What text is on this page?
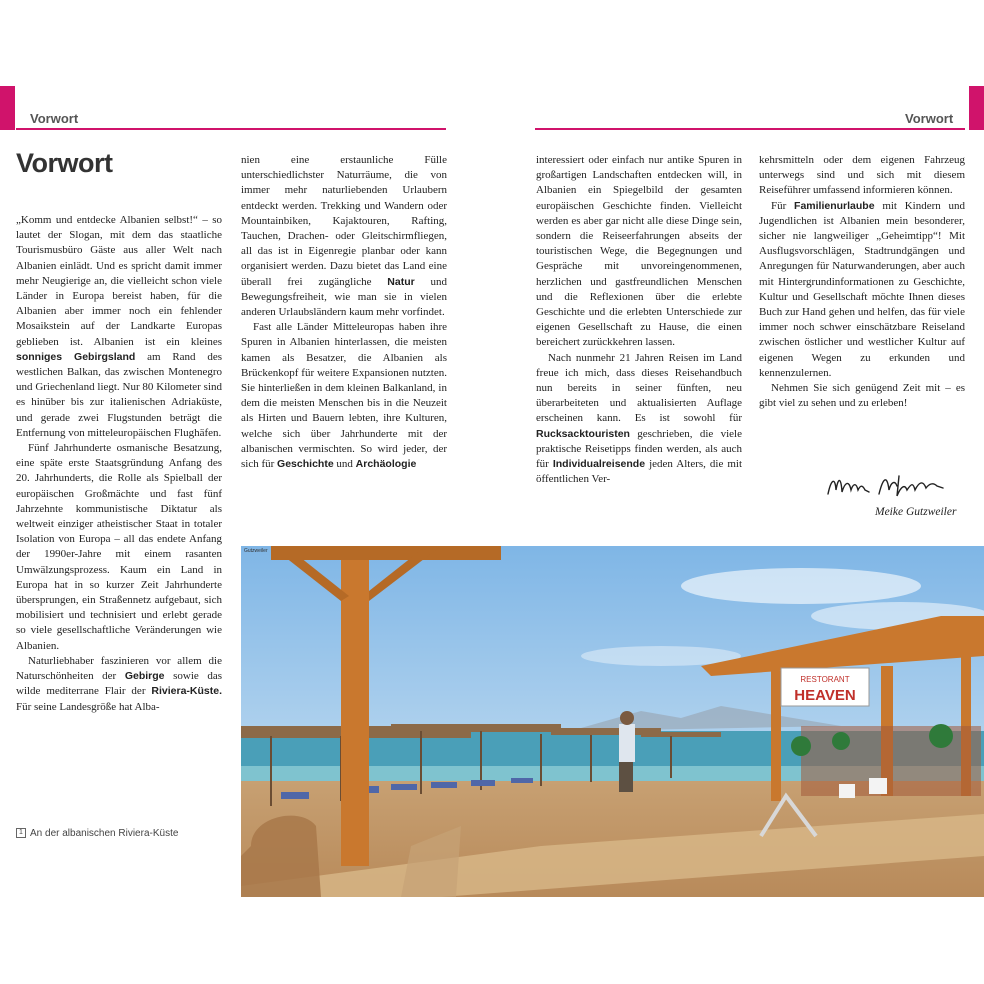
Vorwort	Vorwort
Vorwort

„Komm und entdecke Albanien selbst!“ – so lautet der Slogan, mit dem das staatliche Tourismusbüro Gäste aus aller Welt nach Albanien einlädt. Und es spricht damit immer mehr Neugierige an, die vielleicht schon viele Länder in Europa bereist haben, für die Albanien aber immer noch ein fehlender Mosaikstein auf der Landkarte Europas geblieben ist. Albanien ist ein kleines sonniges Gebirgsland am Rand des westlichen Balkan, das zwischen Montenegro und Griechenland liegt. Nur 80 Kilometer sind es hinüber bis zur italienischen Adriaküste, und gerade zwei Flugstunden beträgt die Entfernung von mitteleuropäischen Flughäfen.

Fünf Jahrhunderte osmanische Besatzung, eine späte erste Staatsgründung Anfang des 20. Jahrhunderts, die Rolle als Spielball der europäischen Großmächte und fast fünf Jahrzehnte kommunistische Diktatur als weltweit einziger atheistischer Staat in totaler Isolation von Europa – all das endete Anfang der 1990er-Jahre mit einem rasanten Umwälzungsprozess. Kaum ein Land in Europa hat in so kurzer Zeit Jahrhunderte übersprungen, ein Straßennetz aufgebaut, sich mobilisiert und technisiert und erlebt gerade so viele gesellschaftliche Veränderungen wie Albanien.

Naturliebhaber faszinieren vor allem die Naturschönheiten der Gebirge sowie das wilde mediterrane Flair der Riviera-Küste. Für seine Landesgröße hat Alba-

nien eine erstaunliche Fülle unterschiedlichster Naturräume, die von immer mehr naturliebenden Urlaubern entdeckt werden. Trekking und Wandern oder Mountainbiken, Kajaktouren, Rafting, Tauchen, Drachen- oder Gleitschirmfliegen, all das ist in Eigenregie planbar oder kann organisiert werden. Dazu bietet das Land eine überall frei zugängliche Natur und Bewegungsfreiheit, wie man sie in vielen anderen Urlaubsländern kaum mehr vorfindet.

Fast alle Länder Mitteleuropas haben ihre Spuren in Albanien hinterlassen, die meisten kamen als Besatzer, die Albanien als Brückenkopf für weitere Expansionen nutzten. Sie hinterließen in dem kleinen Balkanland, in dem die meisten Menschen bis in die Neuzeit als Hirten und Bauern lebten, ihre Kulturen, welche sich über Jahrhunderte mit der albanischen vermischten. So wird jeder, der sich für Geschichte und Archäologie

interessiert oder einfach nur antike Spuren in großartigen Landschaften entdecken will, in Albanien ein Spiegelbild der gesamten europäischen Geschichte finden. Vielleicht werden es aber gar nicht alle diese Dinge sein, sondern die Reiseerfahrungen abseits der touristischen Wege, die Begegnungen und Gespräche mit unvoreingenommenen, herzlichen und gastfreundlichen Menschen und die Reflexionen über die erlebte Geschichte und die erlebten Unterschiede zur eigenen Gesellschaft zu Hause, die einen bereichert zurückkehren lassen.

Nach nunmehr 21 Jahren Reisen im Land freue ich mich, dass dieses Reisehandbuch nun bereits in seiner fünften, neu überarbeiteten und aktualisierten Auflage erscheinen kann. Es ist sowohl für Rucksacktouristen geschrieben, die viele praktische Reisetipps finden werden, als auch für Individualreisende jeden Alters, die mit öffentlichen Ver-

kehrsmitteln oder dem eigenen Fahrzeug unterwegs sind und sich mit diesem Reiseführer umfassend informieren können.

Für Familienurlaube mit Kindern und Jugendlichen ist Albanien mein besonderer, sicher nie langweiliger „Geheimtipp“! Mit Ausflugsvorschlägen, Stadtrundgängen und Anregungen für Naturwanderungen, aber auch mit Hintergrundinformationen zu Geschichte, Kultur und Gesellschaft möchte Ihnen dieses Buch zur Hand gehen und helfen, das für viele immer noch schwer einschätzbare Reiseland zwischen östlicher und westlicher Kultur auf eigenen Wegen zu erkunden und kennenzulernen.

Nehmen Sie sich genügend Zeit mit – es gibt viel zu sehen und zu erleben!

Meike Gutzweiler
1 An der albanischen Riviera-Küste
RESTORANT
HEAVEN
Gutzweiler
